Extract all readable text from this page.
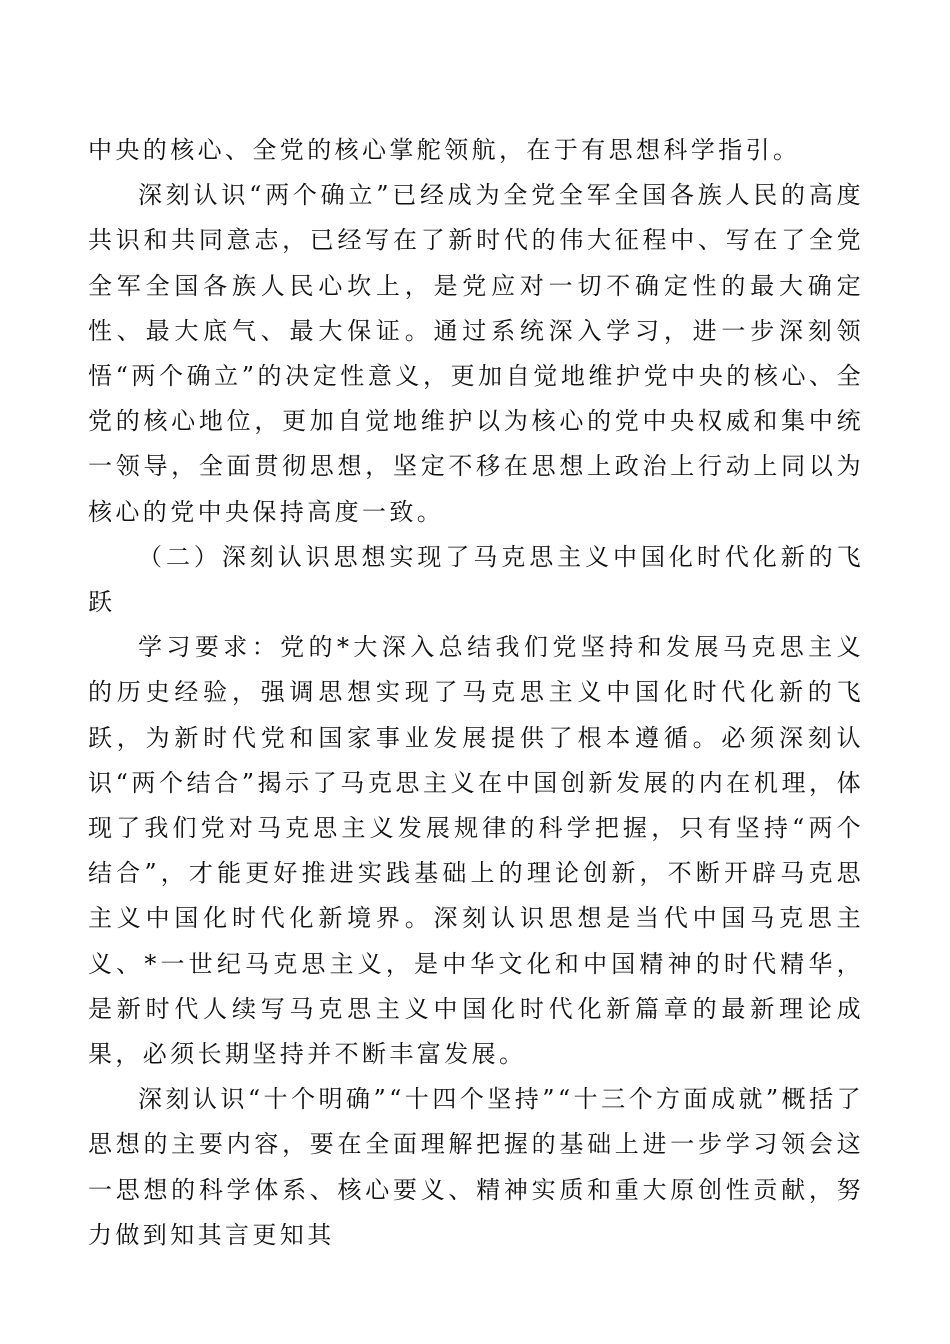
中央的核心、全党的核心掌舵领航，在于有思想科学指引。

深刻认识“两个确立”已经成为全党全军全国各族人民的高度共识和共同意志，已经写在了新时代的伟大征程中、写在了全党全军全国各族人民心坎上，是党应对一切不确定性的最大确定性、最大底气、最大保证。通过系统深入学习，进一步深刻领悟“两个确立”的决定性意义，更加自觉地维护党中央的核心、全党的核心地位，更加自觉地维护以为核心的党中央权威和集中统一领导，全面贯彻思想，坚定不移在思想上政治上行动上同以为核心的党中央保持高度一致。

（二）深刻认识思想实现了马克思主义中国化时代化新的飞跃

学习要求：党的*大深入总结我们党坚持和发展马克思主义的历史经验，强调思想实现了马克思主义中国化时代化新的飞跃，为新时代党和国家事业发展提供了根本遵循。必须深刻认识“两个结合”揭示了马克思主义在中国创新发展的内在机理，体现了我们党对马克思主义发展规律的科学把握，只有坚持“两个结合”，才能更好推进实践基础上的理论创新，不断开辟马克思主义中国化时代化新境界。深刻认识思想是当代中国马克思主义、*一世纪马克思主义，是中华文化和中国精神的时代精华，是新时代人续写马克思主义中国化时代化新篇章的最新理论成果，必须长期坚持并不断丰富发展。

深刻认识“十个明确”“十四个坚持”“十三个方面成就”概括了思想的主要内容，要在全面理解把握的基础上进一步学习领会这一思想的科学体系、核心要义、精神实质和重大原创性贡献，努力做到知其言更知其
